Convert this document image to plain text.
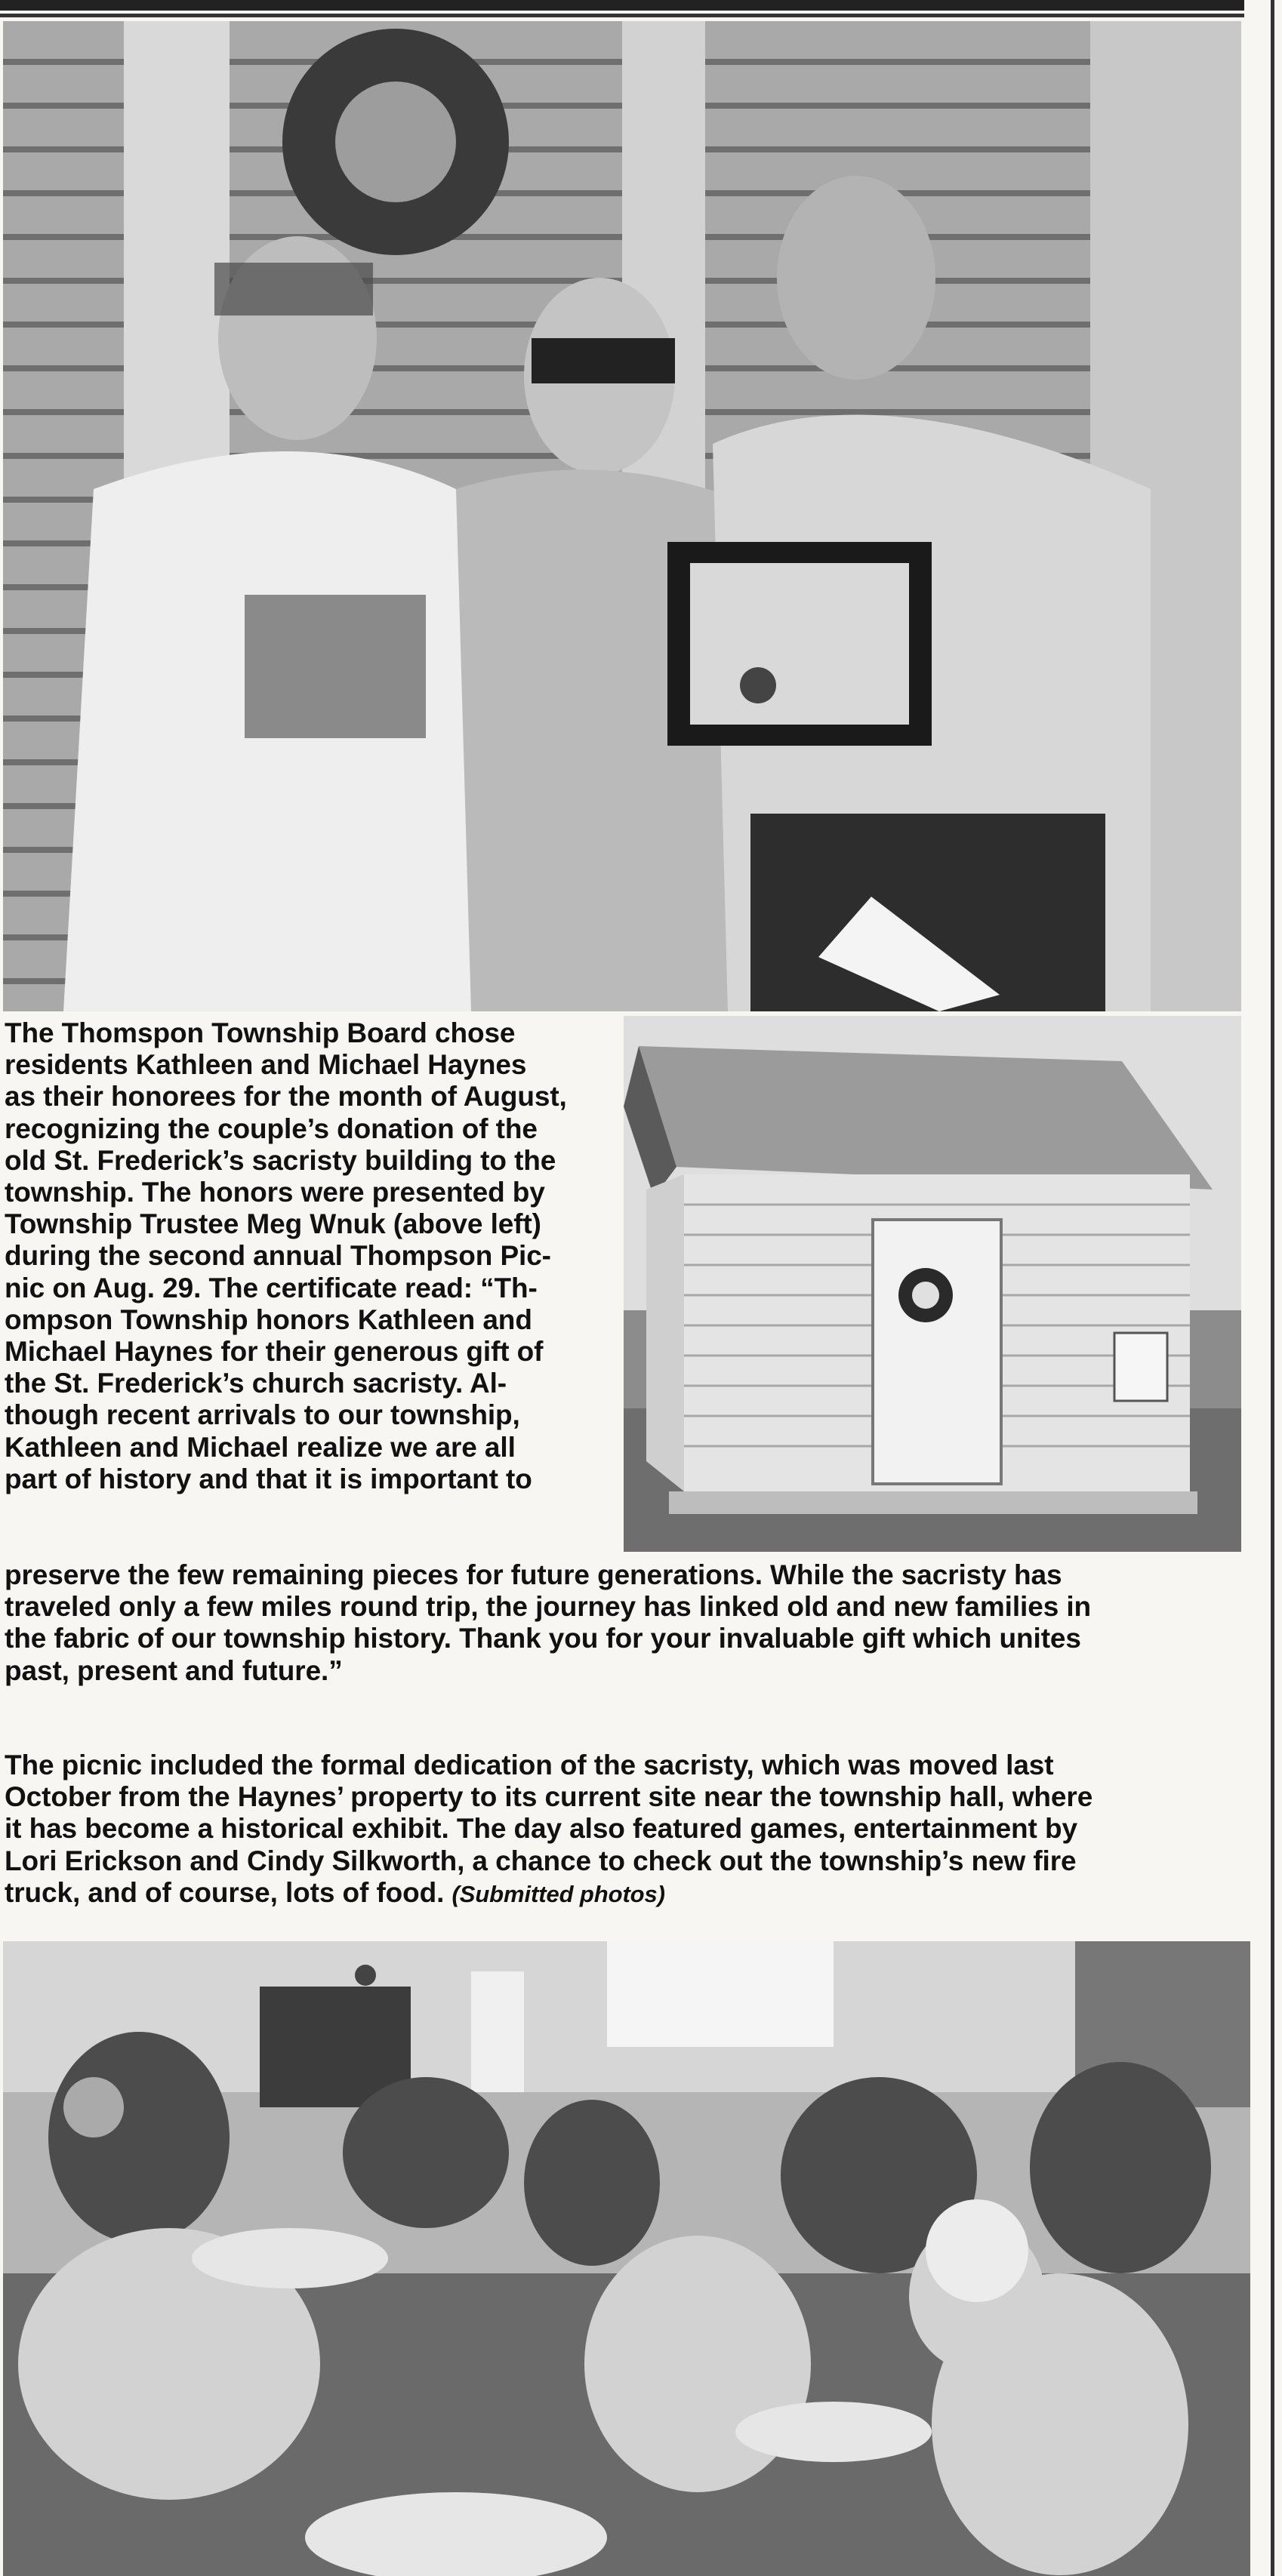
The Thomspon Township Board chose
residents Kathleen and Michael Haynes
as their honorees for the month of August,
recognizing the couple’s donation of the
old St. Frederick’s sacristy building to the
township. The honors were presented by
Township Trustee Meg Wnuk (above left)
during the second annual Thompson Pic-
nic on Aug. 29. The certificate read: “Th-
ompson Township honors Kathleen and
Michael Haynes for their generous gift of
the St. Frederick’s church sacristy. Al-
though recent arrivals to our township,
Kathleen and Michael realize we are all
part of history and that it is important to
preserve the few remaining pieces for future generations. While the sacristy has
traveled only a few miles round trip, the journey has linked old and new families in
the fabric of our township history. Thank you for your invaluable gift which unites
past, present and future.”
The picnic included the formal dedication of the sacristy, which was moved last
October from the Haynes’ property to its current site near the township hall, where
it has become a historical exhibit. The day also featured games, entertainment by
Lori Erickson and Cindy Silkworth, a chance to check out the township’s new fire
truck, and of course, lots of food. (Submitted photos)
